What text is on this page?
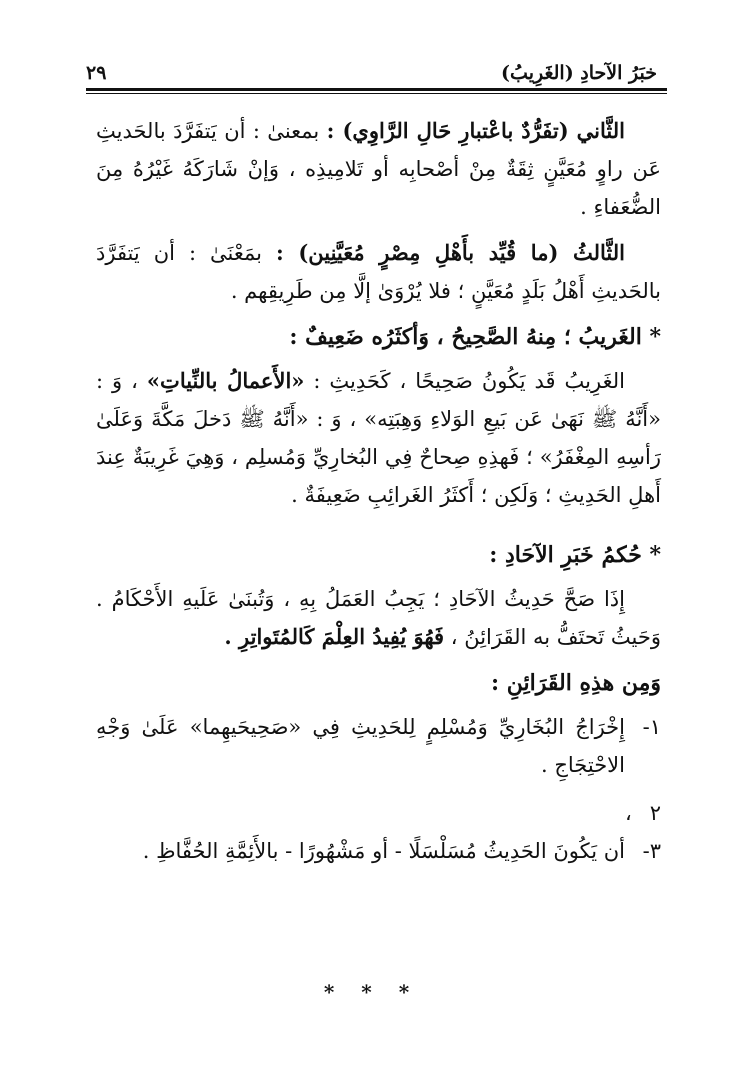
خبَرُ الآحادِ (الغَرِيبُ)
٢٩

الثَّاني (تفَرُّدٌ باعْتبارِ حَالِ الرَّاوِي) : بمعنىٰ : أن يَتفَرَّدَ بالحَديثِ عَن راوٍ مُعَيَّنٍ ثِقَةٌ مِنْ أصْحابِه أو تَلامِيذِه ، وَإنْ شَارَكَهُ غَيْرُهُ مِنَ الضُّعَفاءِ .

الثَّالثُ (ما قُيِّد بأَهْلِ مِصْرٍ مُعَيَّنِين) : بمَعْنَىٰ : أن يَتفَرَّدَ بالحَديثِ أَهْلُ بَلَدٍ مُعَيَّنٍ ؛ فلا يُرْوَىٰ إلَّا مِن طَرِيقِهم .

* الغَريبُ ؛ مِنهُ الصَّحِيحُ ، وَأكثَرُه ضَعِيفٌ :

الغَرِيبُ قَد يَكُونُ صَحِيحًا ، كَحَدِيثِ : «الأَعمالُ بالنِّياتِ» ، وَ : «أَنَّهُ ﷺ نَهَىٰ عَن بَيعِ الوَلاءِ وَهِبَتِه» ، وَ : «أَنَّهُ ﷺ دَخلَ مَكَّةَ وَعَلَىٰ رَأسِهِ المِغْفَرُ» ؛ فَهذِهِ صِحاحٌ فِي البُخارِيِّ وَمُسلِم ، وَهِيَ غَرِيبَةٌ عِندَ أَهلِ الحَدِيثِ ؛ وَلَكِن ؛ أَكثَرُ الغَرائِبِ ضَعِيفَةٌ .

* حُكمُ خَبَرِ الآحَادِ :

إِذَا صَحَّ حَدِيثُ الآحَادِ ؛ يَجِبُ العَمَلُ بِهِ ، وَتُبنَىٰ عَلَيهِ الأَحْكَامُ . وَحَيثُ تَحتَفُّ به القَرَائِنُ ، فَهُوَ يُفِيدُ العِلْمَ كَالمُتَواتِرِ .

وَمِن هذِهِ القَرَائِنِ :
١-إِخْرَاجُ البُخَارِيِّ وَمُسْلِمٍ لِلحَدِيثِ فِي «صَحِيحَيهِما» عَلَىٰ وَجْهِ الاحْتِجَاجِ .
٢ ، ٣-أن يَكُونَ الحَدِيثُ مُسَلْسَلًا - أو مَشْهُورًا - بالأَئِمَّةِ الحُفَّاظِ .
* * *
